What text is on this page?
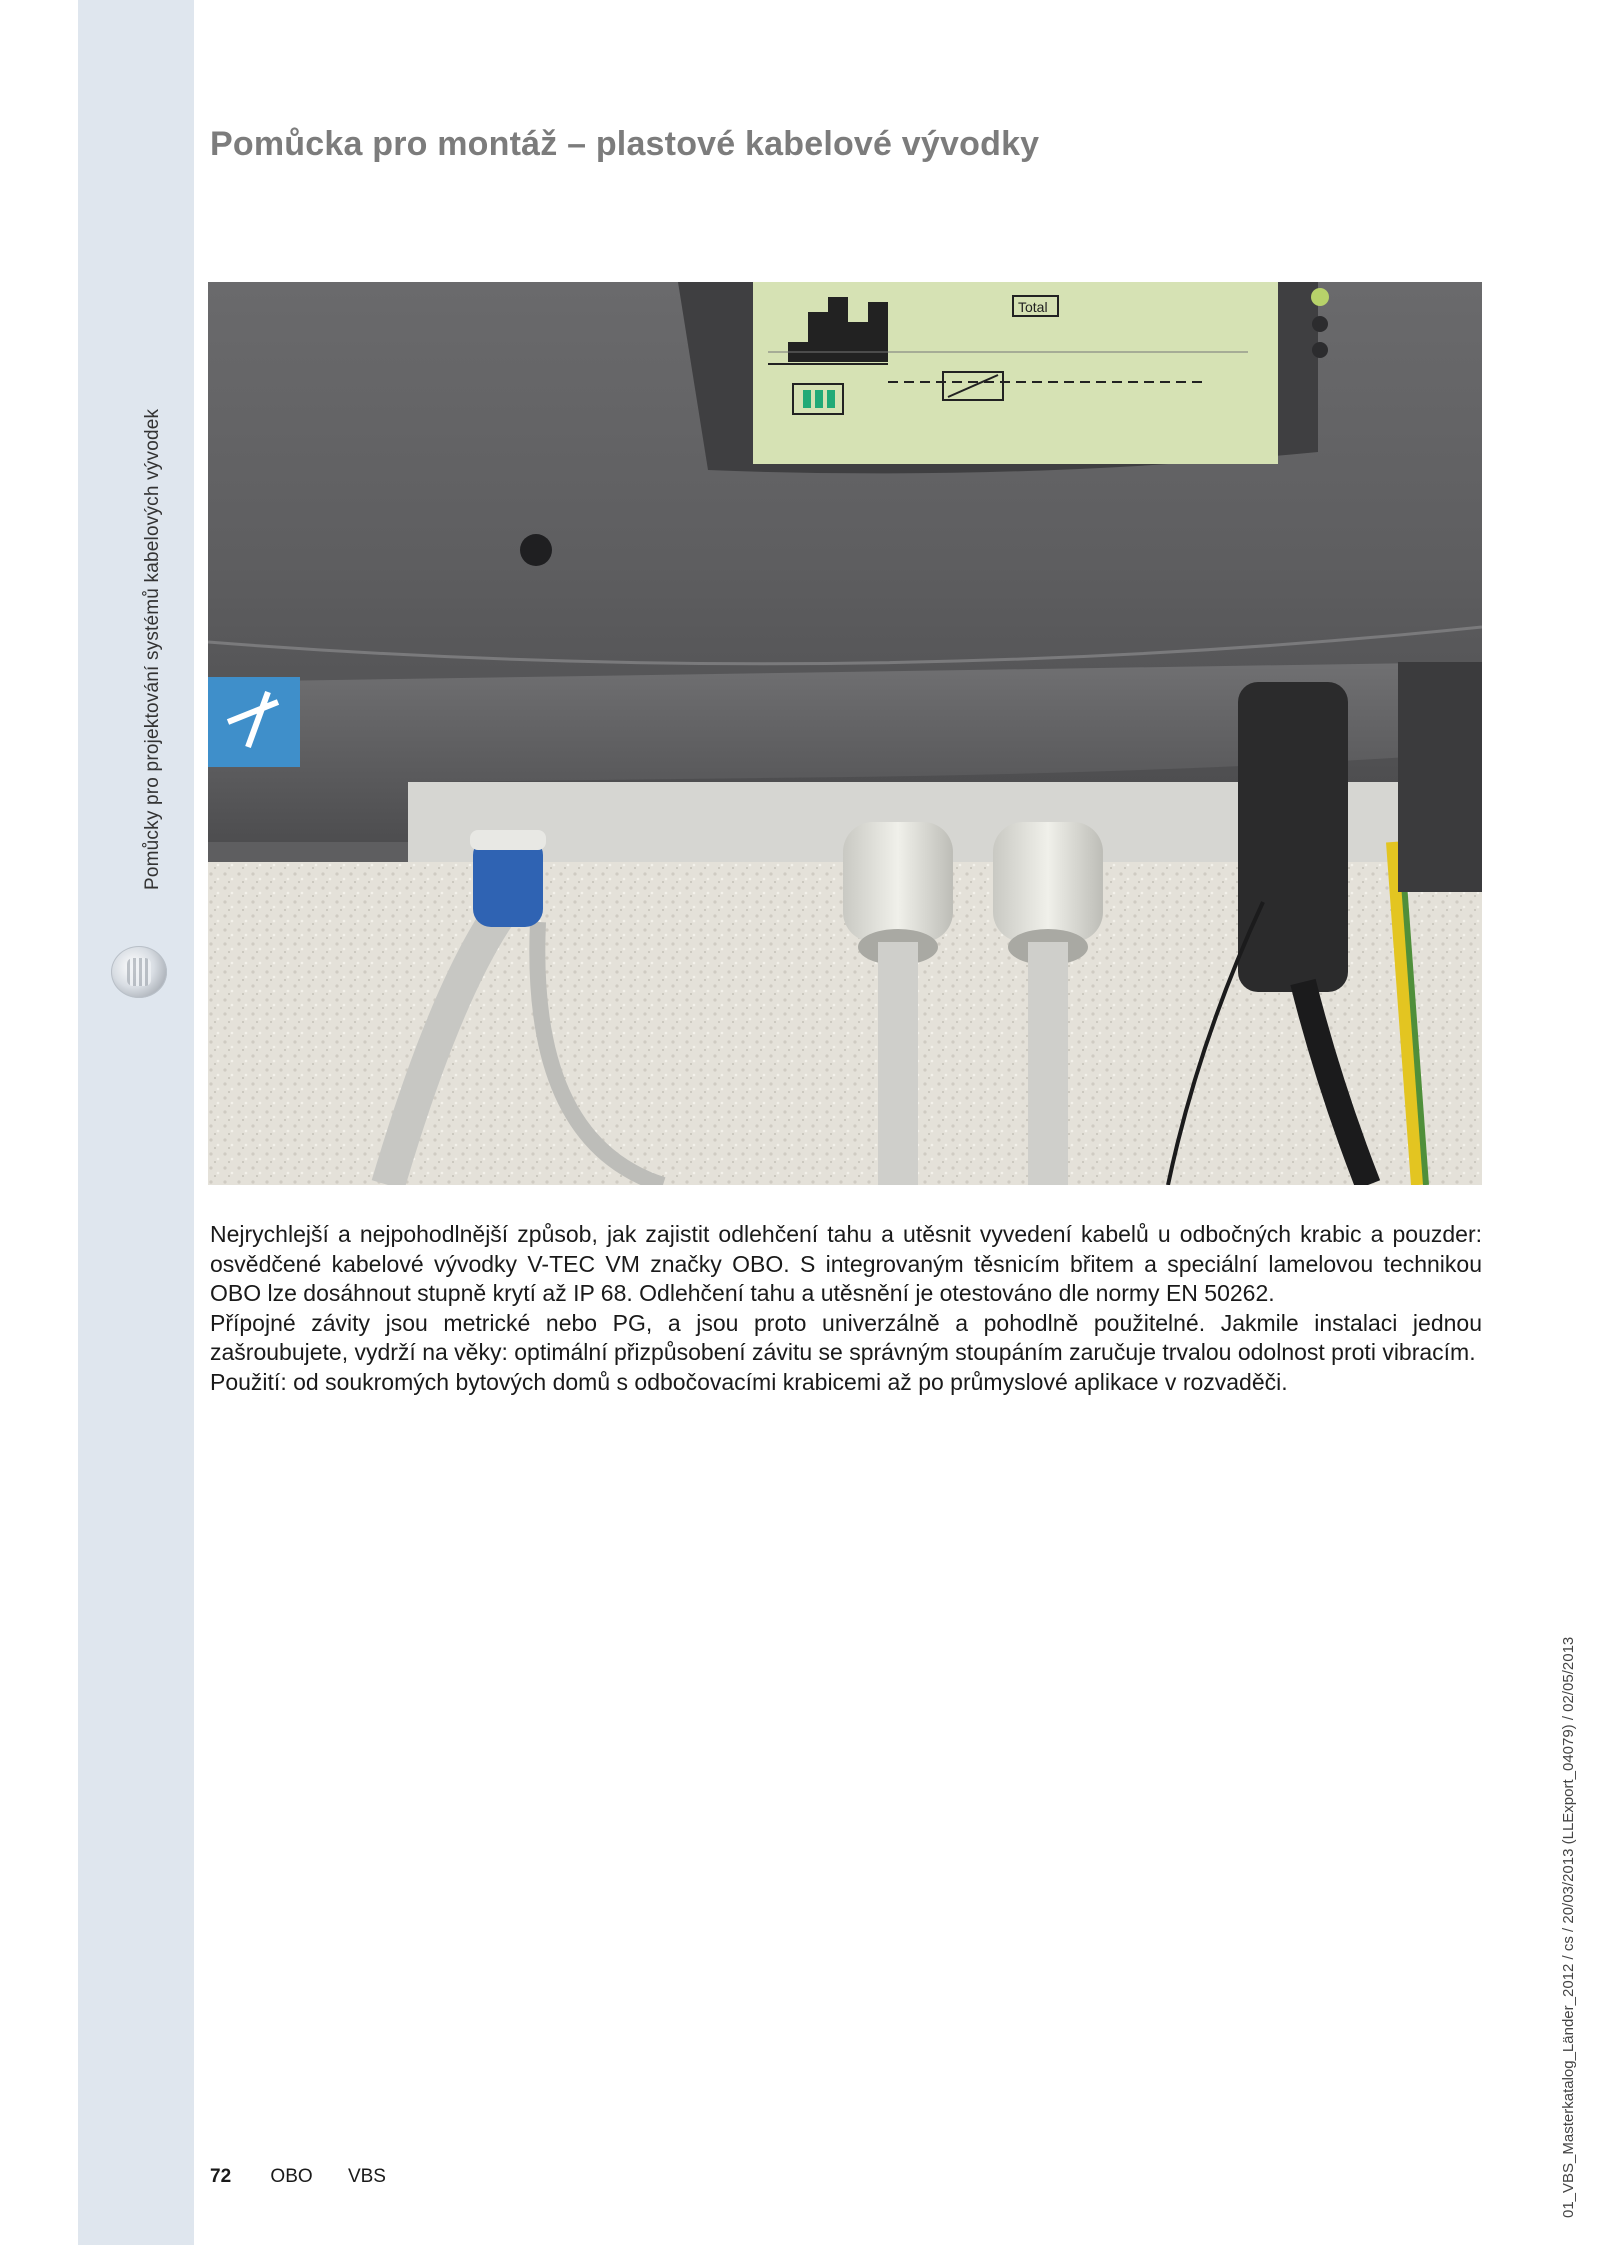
Pomůcky pro projektování systémů kabelových vývodek
Pomůcka pro montáž – plastové kabelové vývodky
Total

Nejrychlejší a nejpohodlnější způsob, jak zajistit odlehčení tahu a utěsnit vyvedení kabelů u odbočných krabic a pouzder: osvědčené kabelové vývodky V-TEC VM značky OBO. S integrovaným těsnicím břitem a speciální lamelovou technikou OBO lze dosáhnout stupně krytí až IP 68. Odlehčení tahu a utěsnění je otestováno dle normy EN 50262.

Přípojné závity jsou metrické nebo PG, a jsou proto univerzálně a pohodlně použitelné. Jakmile instalaci jednou zašroubujete, vydrží na věky: optimální přizpůsobení závitu se správným stoupáním zaručuje trvalou odolnost proti vibracím.

Použití: od soukromých bytových domů s odbočovacími krabicemi až po průmyslové aplikace v rozvaděči.

01_VBS_Masterkatalog_Länder_2012 / cs / 20/03/2013 (LLExport_04079) / 02/05/2013
72 OBO VBS
